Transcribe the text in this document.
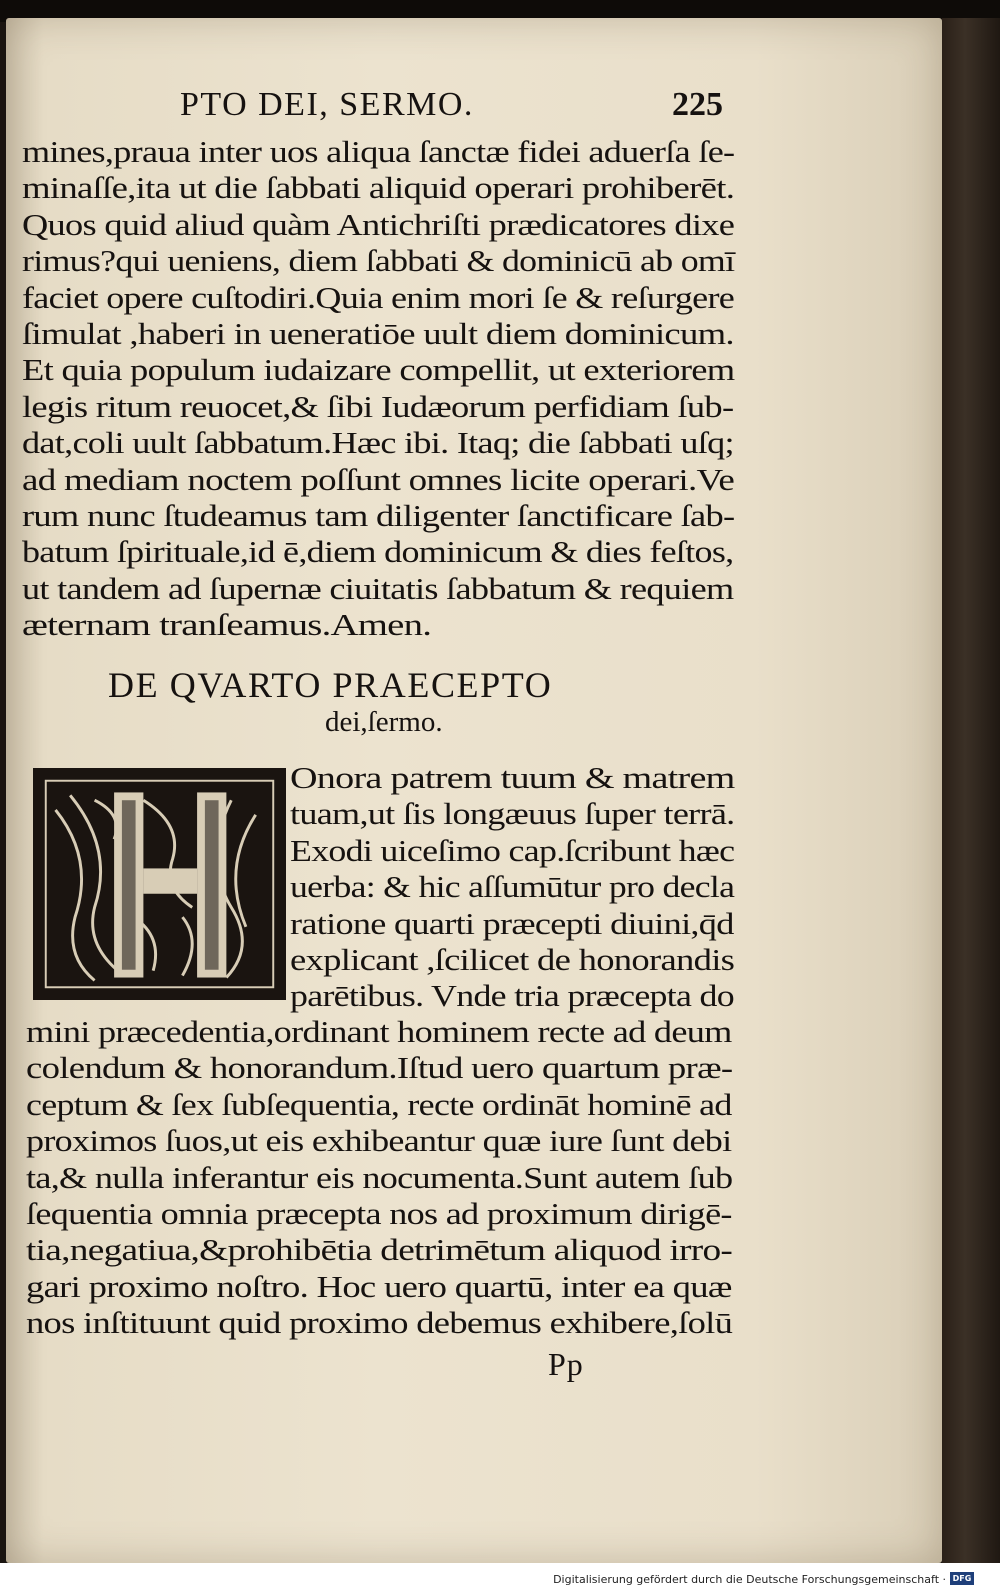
PTO DEI, SERMO.	225
mines,praua inter uos aliqua ſanctæ fidei aduerſa ſe-
minaſſe,ita ut die ſabbati aliquid operari prohiberēt.
Quos quid aliud quàm Antichriſti prædicatores dixe
rimus?qui ueniens, diem ſabbati & dominicū ab omī
faciet opere cuſtodiri.Quia enim mori ſe & reſurgere
ſimulat ,haberi in ueneratiōe uult diem dominicum.
Et quia populum iudaizare compellit, ut exteriorem
legis ritum reuocet,& ſibi Iudæorum perfidiam ſub-
dat,coli uult ſabbatum.Hæc ibi. Itaq; die ſabbati uſq;
ad mediam noctem poſſunt omnes licite operari.Ve
rum nunc ſtudeamus tam diligenter ſanctificare ſab-
batum ſpirituale,id ē,diem dominicum & dies feſtos,
ut tandem ad ſupernæ ciuitatis ſabbatum & requiem
æternam tranſeamus.Amen.
DE QVARTO PRAECEPTO
dei,ſermo.
Onora patrem tuum & matrem
tuam,ut ſis longæuus ſuper terrā.
Exodi uiceſimo cap.ſcribunt hæc
uerba: & hic aſſumūtur pro decla
ratione quarti præcepti diuini,q̄d
explicant ,ſcilicet de honorandis
parētibus. Vnde tria præcepta do
mini præcedentia,ordinant hominem recte ad deum
colendum & honorandum.Iſtud uero quartum præ-
ceptum & ſex ſubſequentia, recte ordināt hominē ad
proximos ſuos,ut eis exhibeantur quæ iure ſunt debi
ta,& nulla inferantur eis nocumenta.Sunt autem ſub
ſequentia omnia præcepta nos ad proximum dirigē-
tia,negatiua,&prohibētia detrimētum aliquod irro-
gari proximo noſtro. Hoc uero quartū, inter ea quæ
nos inſtituunt quid proximo debemus exhibere,ſolū
Pp
Digitalisierung gefördert durch die Deutsche Forschungsgemeinschaft · DFG
